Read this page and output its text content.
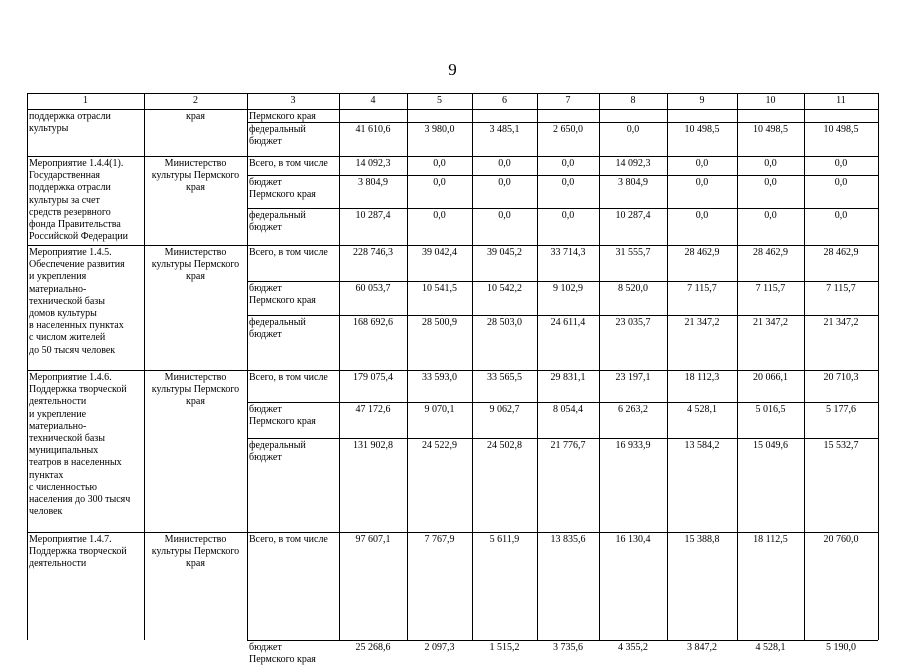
9
1	2	3	4	5	6	7	8	9	10	11
поддержка отрасли
культуры
края	Пермского края
федеральный
бюджет
41 610,6	3 980,0	3 485,1	2 650,0	0,0	10 498,5	10 498,5	10 498,5
Мероприятие 1.4.4(1).
Государственная
поддержка отрасли
культуры за счет
средств резервного
фонда Правительства
Российской Федерации
Министерство
культуры Пермского
края
Всего, в том числе	14 092,3	0,0	0,0	0,0	14 092,3	0,0	0,0	0,0
бюджет
Пермского края
3 804,9	0,0	0,0	0,0	3 804,9	0,0	0,0	0,0
федеральный
бюджет
10 287,4	0,0	0,0	0,0	10 287,4	0,0	0,0	0,0
Мероприятие 1.4.5.
Обеспечение развития
и укрепления
материально-
технической базы
домов культуры
в населенных пунктах
с числом жителей
до 50 тысяч человек
Министерство
культуры Пермского
края
Всего, в том числе	228 746,3	39 042,4	39 045,2	33 714,3	31 555,7	28 462,9	28 462,9	28 462,9
бюджет
Пермского края
60 053,7	10 541,5	10 542,2	9 102,9	8 520,0	7 115,7	7 115,7	7 115,7
федеральный
бюджет
168 692,6	28 500,9	28 503,0	24 611,4	23 035,7	21 347,2	21 347,2	21 347,2
Мероприятие 1.4.6.
Поддержка творческой
деятельности
и укрепление
материально-
технической базы
муниципальных
театров в населенных
пунктах
с численностью
населения до 300 тысяч
человек
Министерство
культуры Пермского
края
Всего, в том числе	179 075,4	33 593,0	33 565,5	29 831,1	23 197,1	18 112,3	20 066,1	20 710,3
бюджет
Пермского края
47 172,6	9 070,1	9 062,7	8 054,4	6 263,2	4 528,1	5 016,5	5 177,6
федеральный
бюджет
131 902,8	24 522,9	24 502,8	21 776,7	16 933,9	13 584,2	15 049,6	15 532,7
Мероприятие 1.4.7.
Поддержка творческой
деятельности
Министерство
культуры Пермского
края
Всего, в том числе	97 607,1	7 767,9	5 611,9	13 835,6	16 130,4	15 388,8	18 112,5	20 760,0
бюджет
Пермского края
25 268,6	2 097,3	1 515,2	3 735,6	4 355,2	3 847,2	4 528,1	5 190,0
